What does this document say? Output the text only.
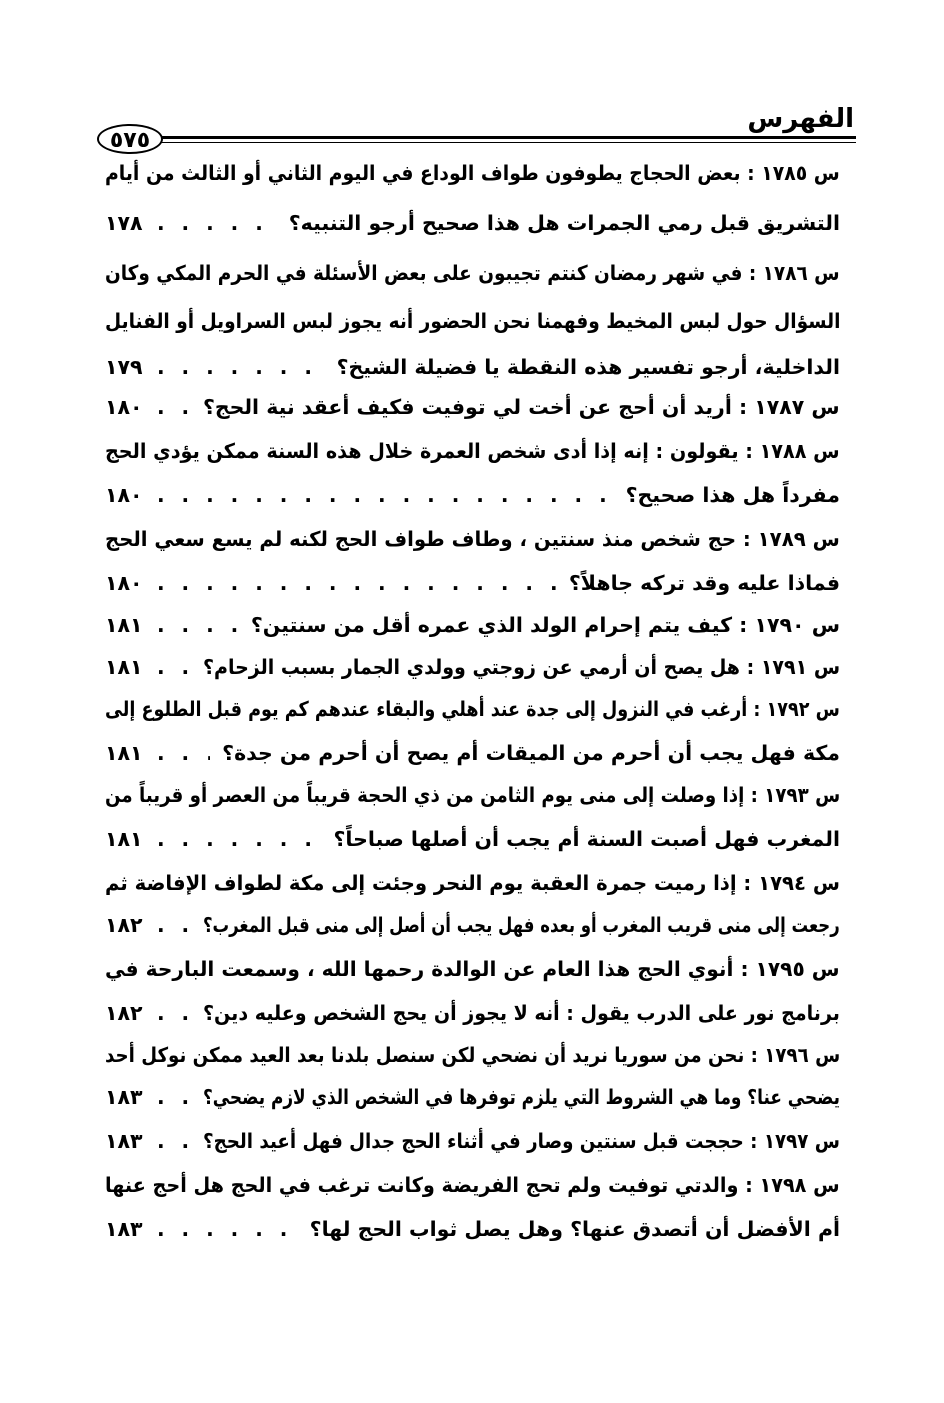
الفهرس
٥٧٥
س ١٧٨٥ : بعض الحجاج يطوفون طواف الوداع في اليوم الثاني أو الثالث من أيام
التشريق قبل رمي الجمرات هل هذا صحيح أرجو التنبيه؟
١٧٨
. . .
س ١٧٨٦ : في شهر رمضان كنتم تجيبون على بعض الأسئلة في الحرم المكي وكان
السؤال حول لبس المخيط وفهمنا نحن الحضور أنه يجوز لبس السراويل أو الفنايل
الداخلية، أرجو تفسير هذه النقطة يا فضيلة الشيخ؟
١٧٩
. . .
س ١٧٨٧ : أريد أن أحج عن أخت لي توفيت فكيف أعقد نية الحج؟
١٨٠
. . .
س ١٧٨٨ : يقولون : إنه إذا أدى شخص العمرة خلال هذه السنة ممكن يؤدي الحج
مفرداً هل هذا صحيح؟
١٨٠
. . .
س ١٧٨٩ : حج شخص منذ سنتين ، وطاف طواف الحج لكنه لم يسع سعي الحج
فماذا عليه وقد تركه جاهلاً؟
١٨٠
. . .
س ١٧٩٠ : كيف يتم إحرام الولد الذي عمره أقل من سنتين؟
١٨١
. . .
س ١٧٩١ : هل يصح أن أرمي عن زوجتي وولدي الجمار بسبب الزحام؟
١٨١
. . .
س ١٧٩٢ : أرغب في النزول إلى جدة عند أهلي والبقاء عندهم كم يوم قبل الطلوع إلى
مكة فهل يجب أن أحرم من الميقات أم يصح أن أحرم من جدة؟
١٨١
. . .
س ١٧٩٣ : إذا وصلت إلى منى يوم الثامن من ذي الحجة قريباً من العصر أو قريباً من
المغرب فهل أصبت السنة أم يجب أن أصلها صباحاً؟
١٨١
. . .
س ١٧٩٤ : إذا رميت جمرة العقبة يوم النحر وجئت إلى مكة لطواف الإفاضة ثم
رجعت إلى منى قريب المغرب أو بعده فهل يجب أن أصل إلى منى قبل المغرب؟
١٨٢
. . .
س ١٧٩٥ : أنوي الحج هذا العام عن الوالدة رحمها الله ، وسمعت البارحة في
برنامج نور على الدرب يقول : أنه لا يجوز أن يحج الشخص وعليه دين؟
١٨٢
. . .
س ١٧٩٦ : نحن من سوريا نريد أن نضحي لكن سنصل بلدنا بعد العيد ممكن نوكل أحد
يضحي عنا؟ وما هي الشروط التي يلزم توفرها في الشخص الذي لازم يضحي؟
١٨٣
. . .
س ١٧٩٧ : حججت قبل سنتين وصار في أثناء الحج جدال فهل أعيد الحج؟
١٨٣
. . .
س ١٧٩٨ : والدتي توفيت ولم تحج الفريضة وكانت ترغب في الحج هل أحج عنها
أم الأفضل أن أتصدق عنها؟ وهل يصل ثواب الحج لها؟
١٨٣
. . .
